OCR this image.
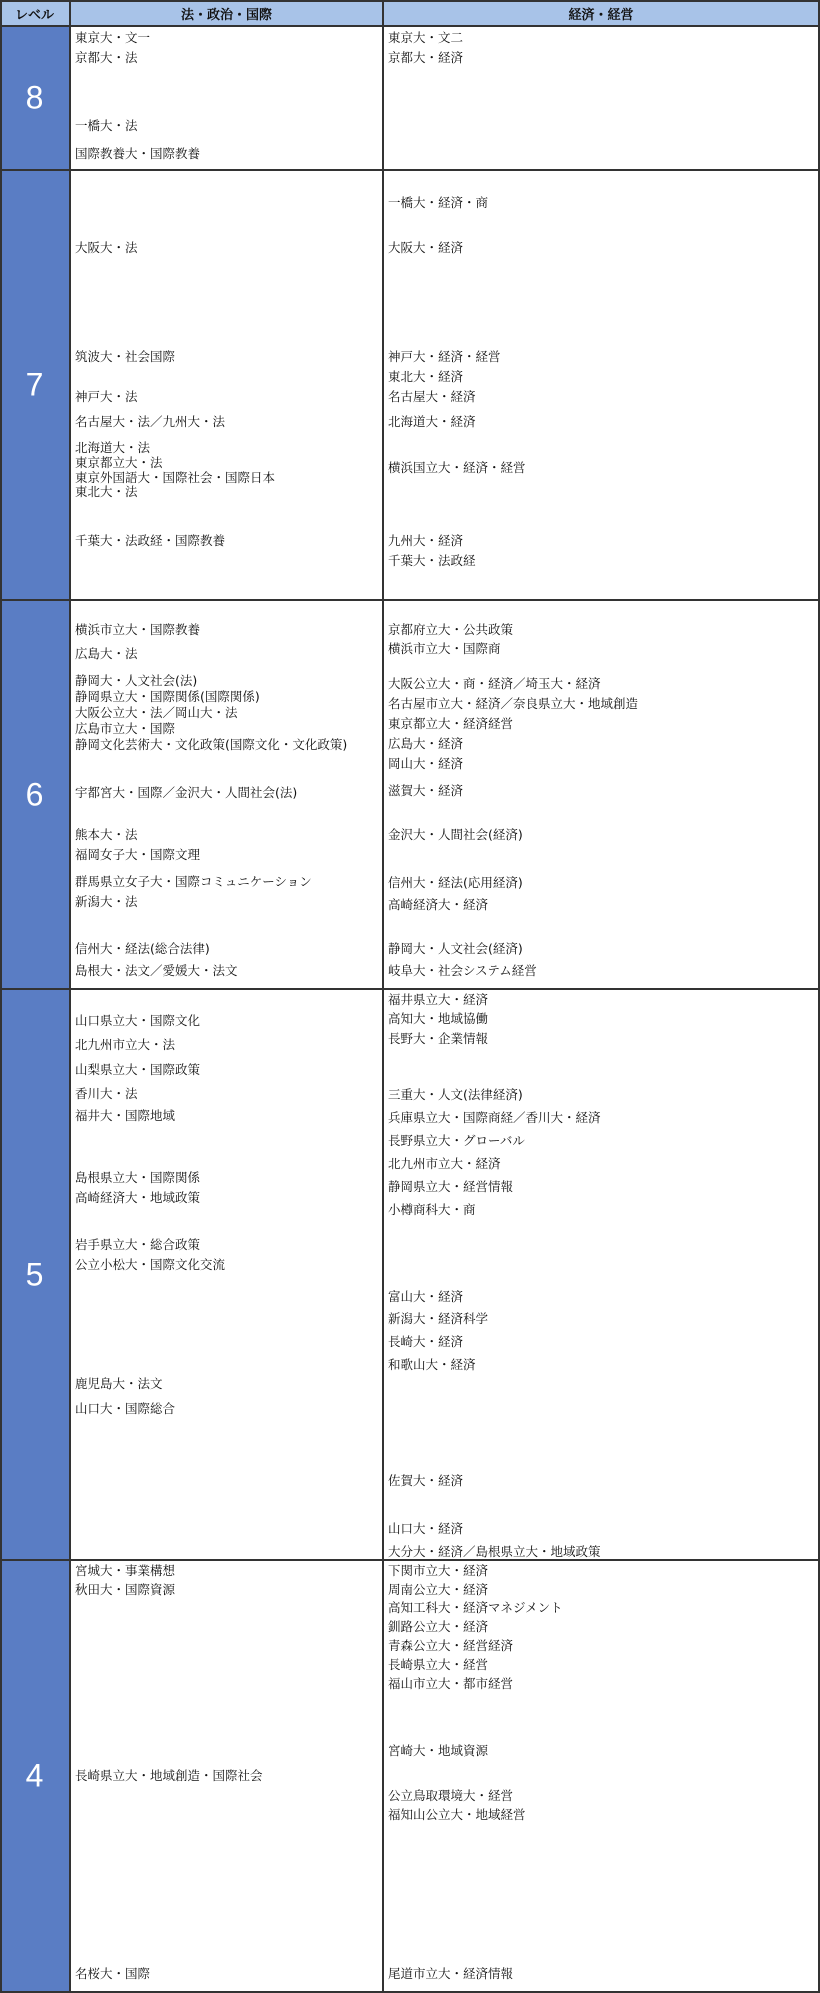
レベル	法・政治・国際	経済・経営
8
東京大・文一
京都大・法
一橋大・法
国際教養大・国際教養
東京大・文二
京都大・経済
7
大阪大・法
筑波大・社会国際
神戸大・法
名古屋大・法／九州大・法
北海道大・法
東京都立大・法
東京外国語大・国際社会・国際日本
東北大・法
千葉大・法政経・国際教養
一橋大・経済・商
大阪大・経済
神戸大・経済・経営
東北大・経済
名古屋大・経済
北海道大・経済
横浜国立大・経済・経営
九州大・経済
千葉大・法政経
6
横浜市立大・国際教養
広島大・法
静岡大・人文社会(法)
静岡県立大・国際関係(国際関係)
大阪公立大・法／岡山大・法
広島市立大・国際
静岡文化芸術大・文化政策(国際文化・文化政策)
宇都宮大・国際／金沢大・人間社会(法)
熊本大・法
福岡女子大・国際文理
群馬県立女子大・国際コミュニケーション
新潟大・法
信州大・経法(総合法律)
島根大・法文／愛媛大・法文
京都府立大・公共政策
横浜市立大・国際商
大阪公立大・商・経済／埼玉大・経済
名古屋市立大・経済／奈良県立大・地域創造
東京都立大・経済経営
広島大・経済
岡山大・経済
滋賀大・経済
金沢大・人間社会(経済)
信州大・経法(応用経済)
高崎経済大・経済
静岡大・人文社会(経済)
岐阜大・社会システム経営
5
山口県立大・国際文化
北九州市立大・法
山梨県立大・国際政策
香川大・法
福井大・国際地域
島根県立大・国際関係
高崎経済大・地域政策
岩手県立大・総合政策
公立小松大・国際文化交流
鹿児島大・法文
山口大・国際総合
福井県立大・経済
高知大・地域協働
長野大・企業情報
三重大・人文(法律経済)
兵庫県立大・国際商経／香川大・経済
長野県立大・グローバル
北九州市立大・経済
静岡県立大・経営情報
小樽商科大・商
富山大・経済
新潟大・経済科学
長崎大・経済
和歌山大・経済
佐賀大・経済
山口大・経済
大分大・経済／島根県立大・地域政策
4
宮城大・事業構想
秋田大・国際資源
長崎県立大・地域創造・国際社会
名桜大・国際
下関市立大・経済
周南公立大・経済
高知工科大・経済マネジメント
釧路公立大・経済
青森公立大・経営経済
長崎県立大・経営
福山市立大・都市経営
宮崎大・地域資源
公立鳥取環境大・経営
福知山公立大・地域経営
尾道市立大・経済情報
